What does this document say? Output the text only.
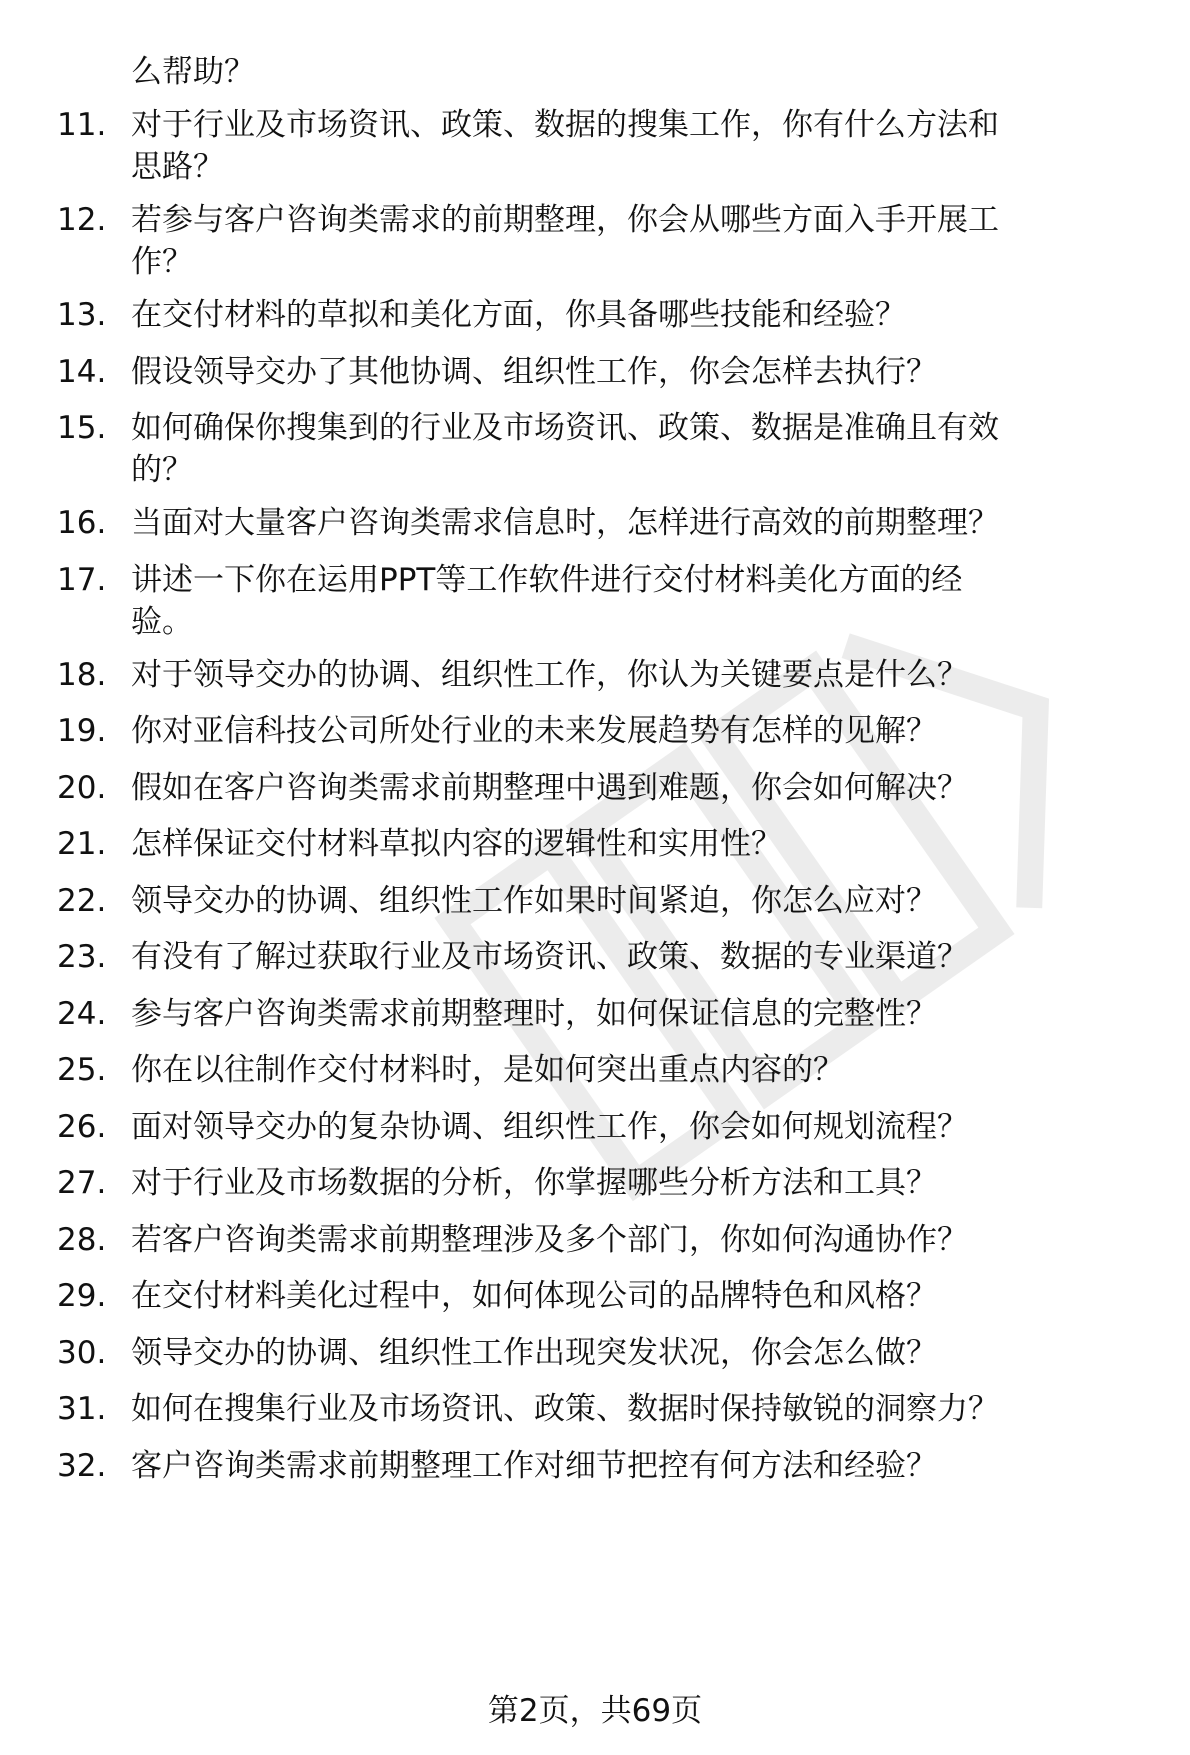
么帮助？
11. 对于行业及市场资讯、政策、数据的搜集工作，你有什么方法和
思路？
12. 若参与客户咨询类需求的前期整理，你会从哪些方面入手开展工
作？
13. 在交付材料的草拟和美化方面，你具备哪些技能和经验？
14. 假设领导交办了其他协调、组织性工作，你会怎样去执行？
15. 如何确保你搜集到的行业及市场资讯、政策、数据是准确且有效
的？
16. 当面对大量客户咨询类需求信息时，怎样进行高效的前期整理？
17. 讲述一下你在运用PPT等工作软件进行交付材料美化方面的经
验。
18. 对于领导交办的协调、组织性工作，你认为关键要点是什么？
19. 你对亚信科技公司所处行业的未来发展趋势有怎样的见解？
20. 假如在客户咨询类需求前期整理中遇到难题，你会如何解决？
21. 怎样保证交付材料草拟内容的逻辑性和实用性？
22. 领导交办的协调、组织性工作如果时间紧迫，你怎么应对？
23. 有没有了解过获取行业及市场资讯、政策、数据的专业渠道？
24. 参与客户咨询类需求前期整理时，如何保证信息的完整性？
25. 你在以往制作交付材料时，是如何突出重点内容的？
26. 面对领导交办的复杂协调、组织性工作，你会如何规划流程？
27. 对于行业及市场数据的分析，你掌握哪些分析方法和工具？
28. 若客户咨询类需求前期整理涉及多个部门，你如何沟通协作？
29. 在交付材料美化过程中，如何体现公司的品牌特色和风格？
30. 领导交办的协调、组织性工作出现突发状况，你会怎么做？
31. 如何在搜集行业及市场资讯、政策、数据时保持敏锐的洞察力？
32. 客户咨询类需求前期整理工作对细节把控有何方法和经验？
第2页，共69页
